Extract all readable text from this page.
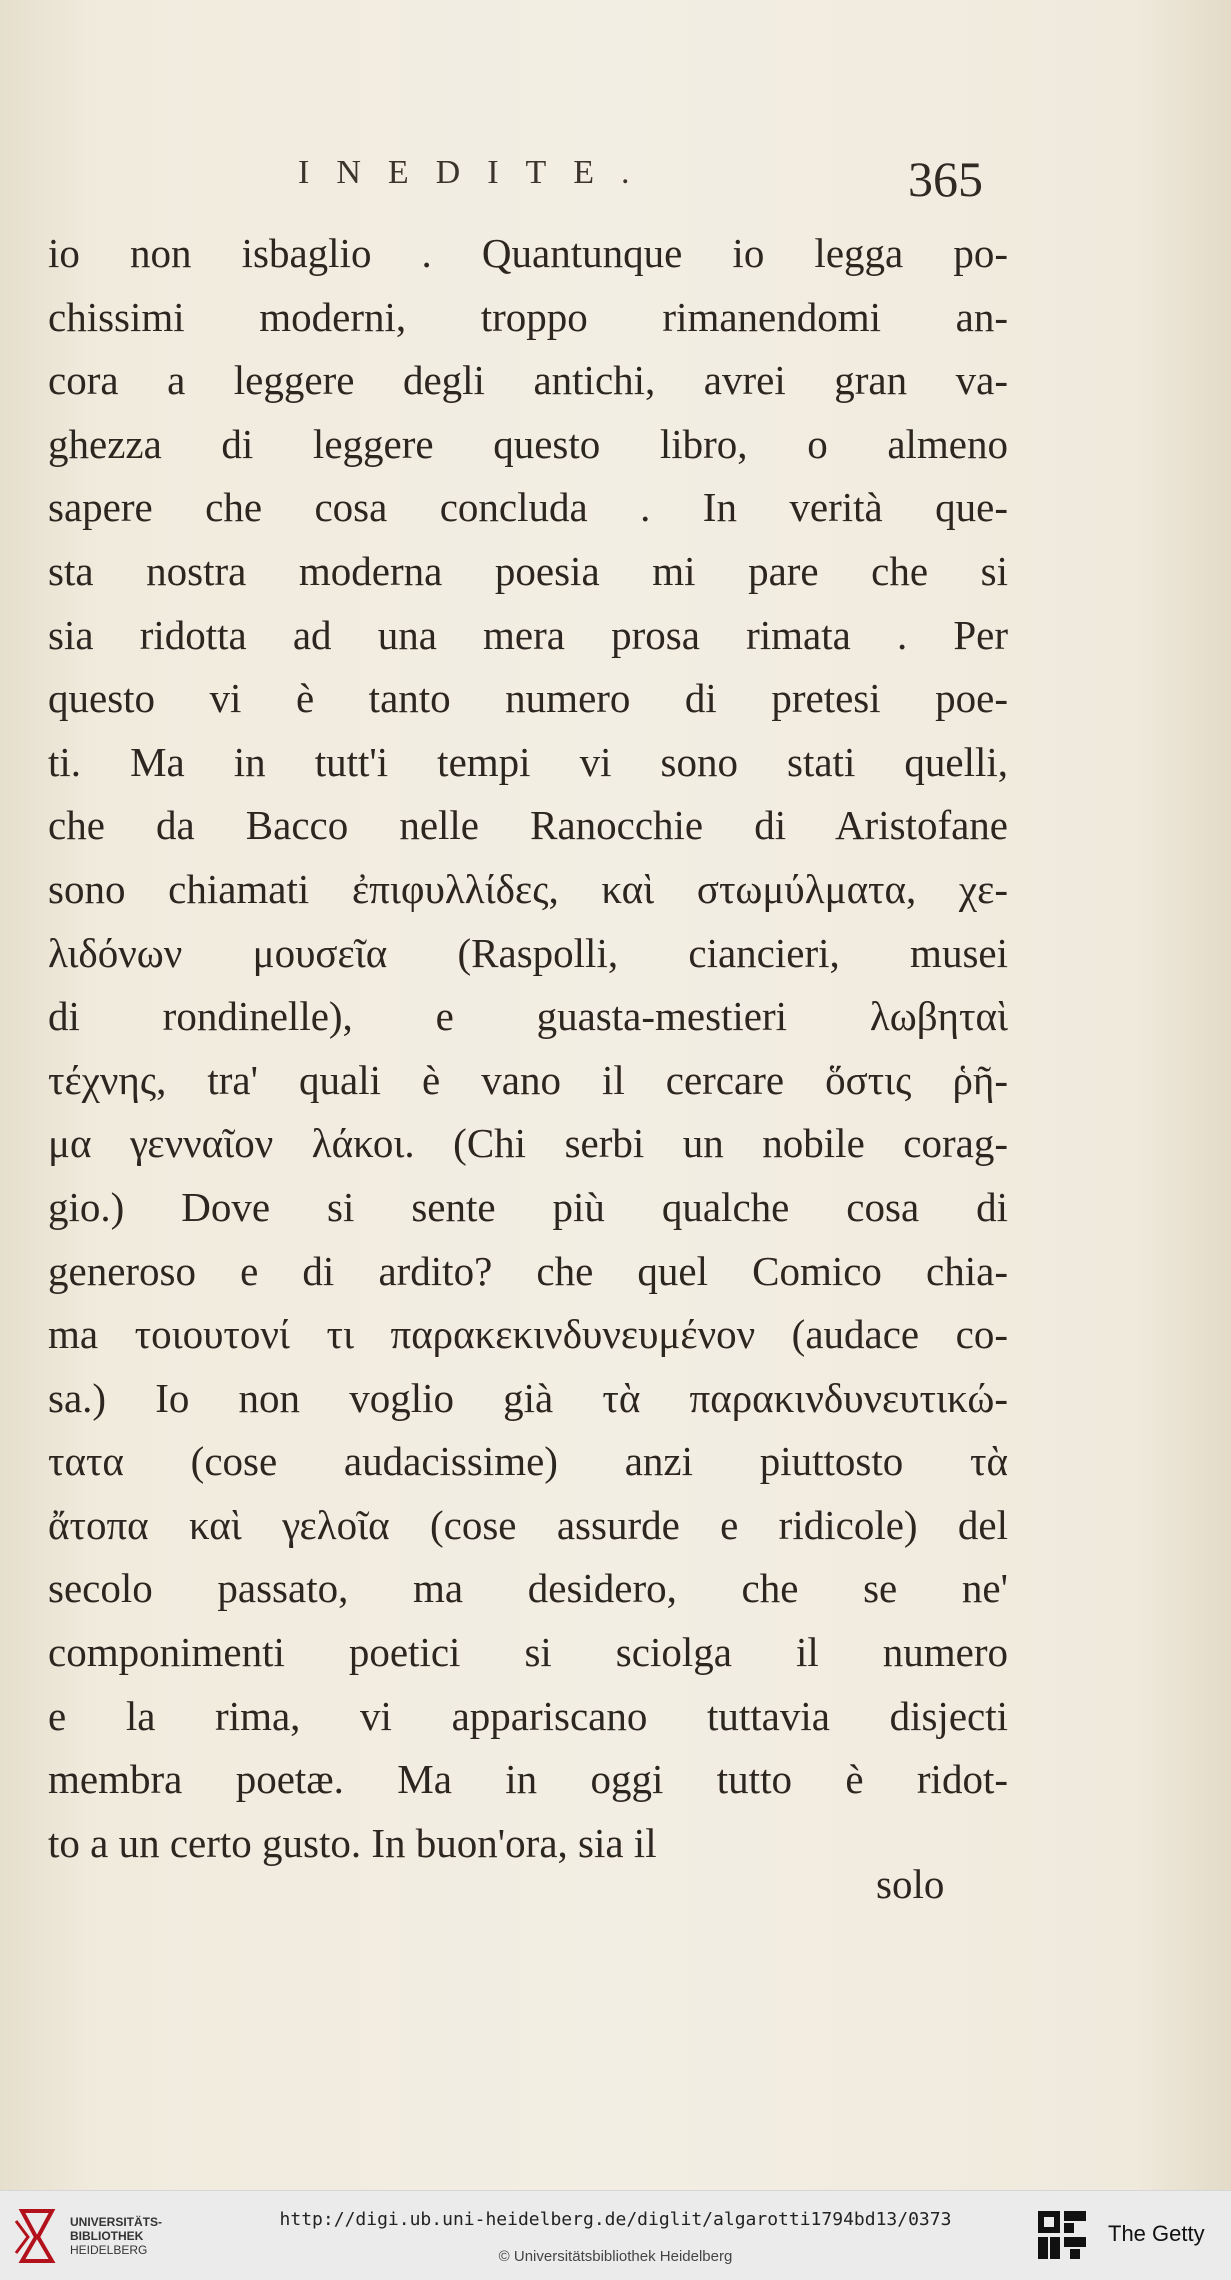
INEDITE.	365
io non isbaglio . Quantunque io legga po-
chissimi moderni, troppo rimanendomi an-
cora a leggere degli antichi, avrei gran va-
ghezza di leggere questo libro, o almeno
sapere che cosa concluda . In verità que-
sta nostra moderna poesia mi pare che si
sia ridotta ad una mera prosa rimata . Per
questo vi è tanto numero di pretesi poe-
ti. Ma in tutt'i tempi vi sono stati quelli,
che da Bacco nelle Ranocchie di Aristofane
sono chiamati ἐπιφυλλίδες, καὶ στωμύλματα, χε-
λιδόνων μουσεῖα (Raspolli, ciancieri, musei
di rondinelle), e guasta-mestieri λωβηταὶ
τέχνης, tra' quali è vano il cercare ὅστις ῥῆ-
μα γενναῖον λάκοι. (Chi serbi un nobile corag-
gio.) Dove si sente più qualche cosa di
generoso e di ardito? che quel Comico chia-
ma τοιουτονί τι παρακεκινδυνευμένον (audace co-
sa.) Io non voglio già τὰ παρακινδυνευτικώ-
τατα (cose audacissime) anzi piuttosto τὰ
ἄτοπα καὶ γελοῖα (cose assurde e ridicole) del
secolo passato, ma desidero, che se ne'
componimenti poetici si sciolga il numero
e la rima, vi appariscano tuttavia disjecti
membra poetæ. Ma in oggi tutto è ridot-
to a un certo gusto. In buon'ora, sia il
solo
UNIVERSITÄTS-
BIBLIOTHEK
HEIDELBERG
http://digi.ub.uni-heidelberg.de/diglit/algarotti1794bd13/0373
© Universitätsbibliothek Heidelberg
The Getty
